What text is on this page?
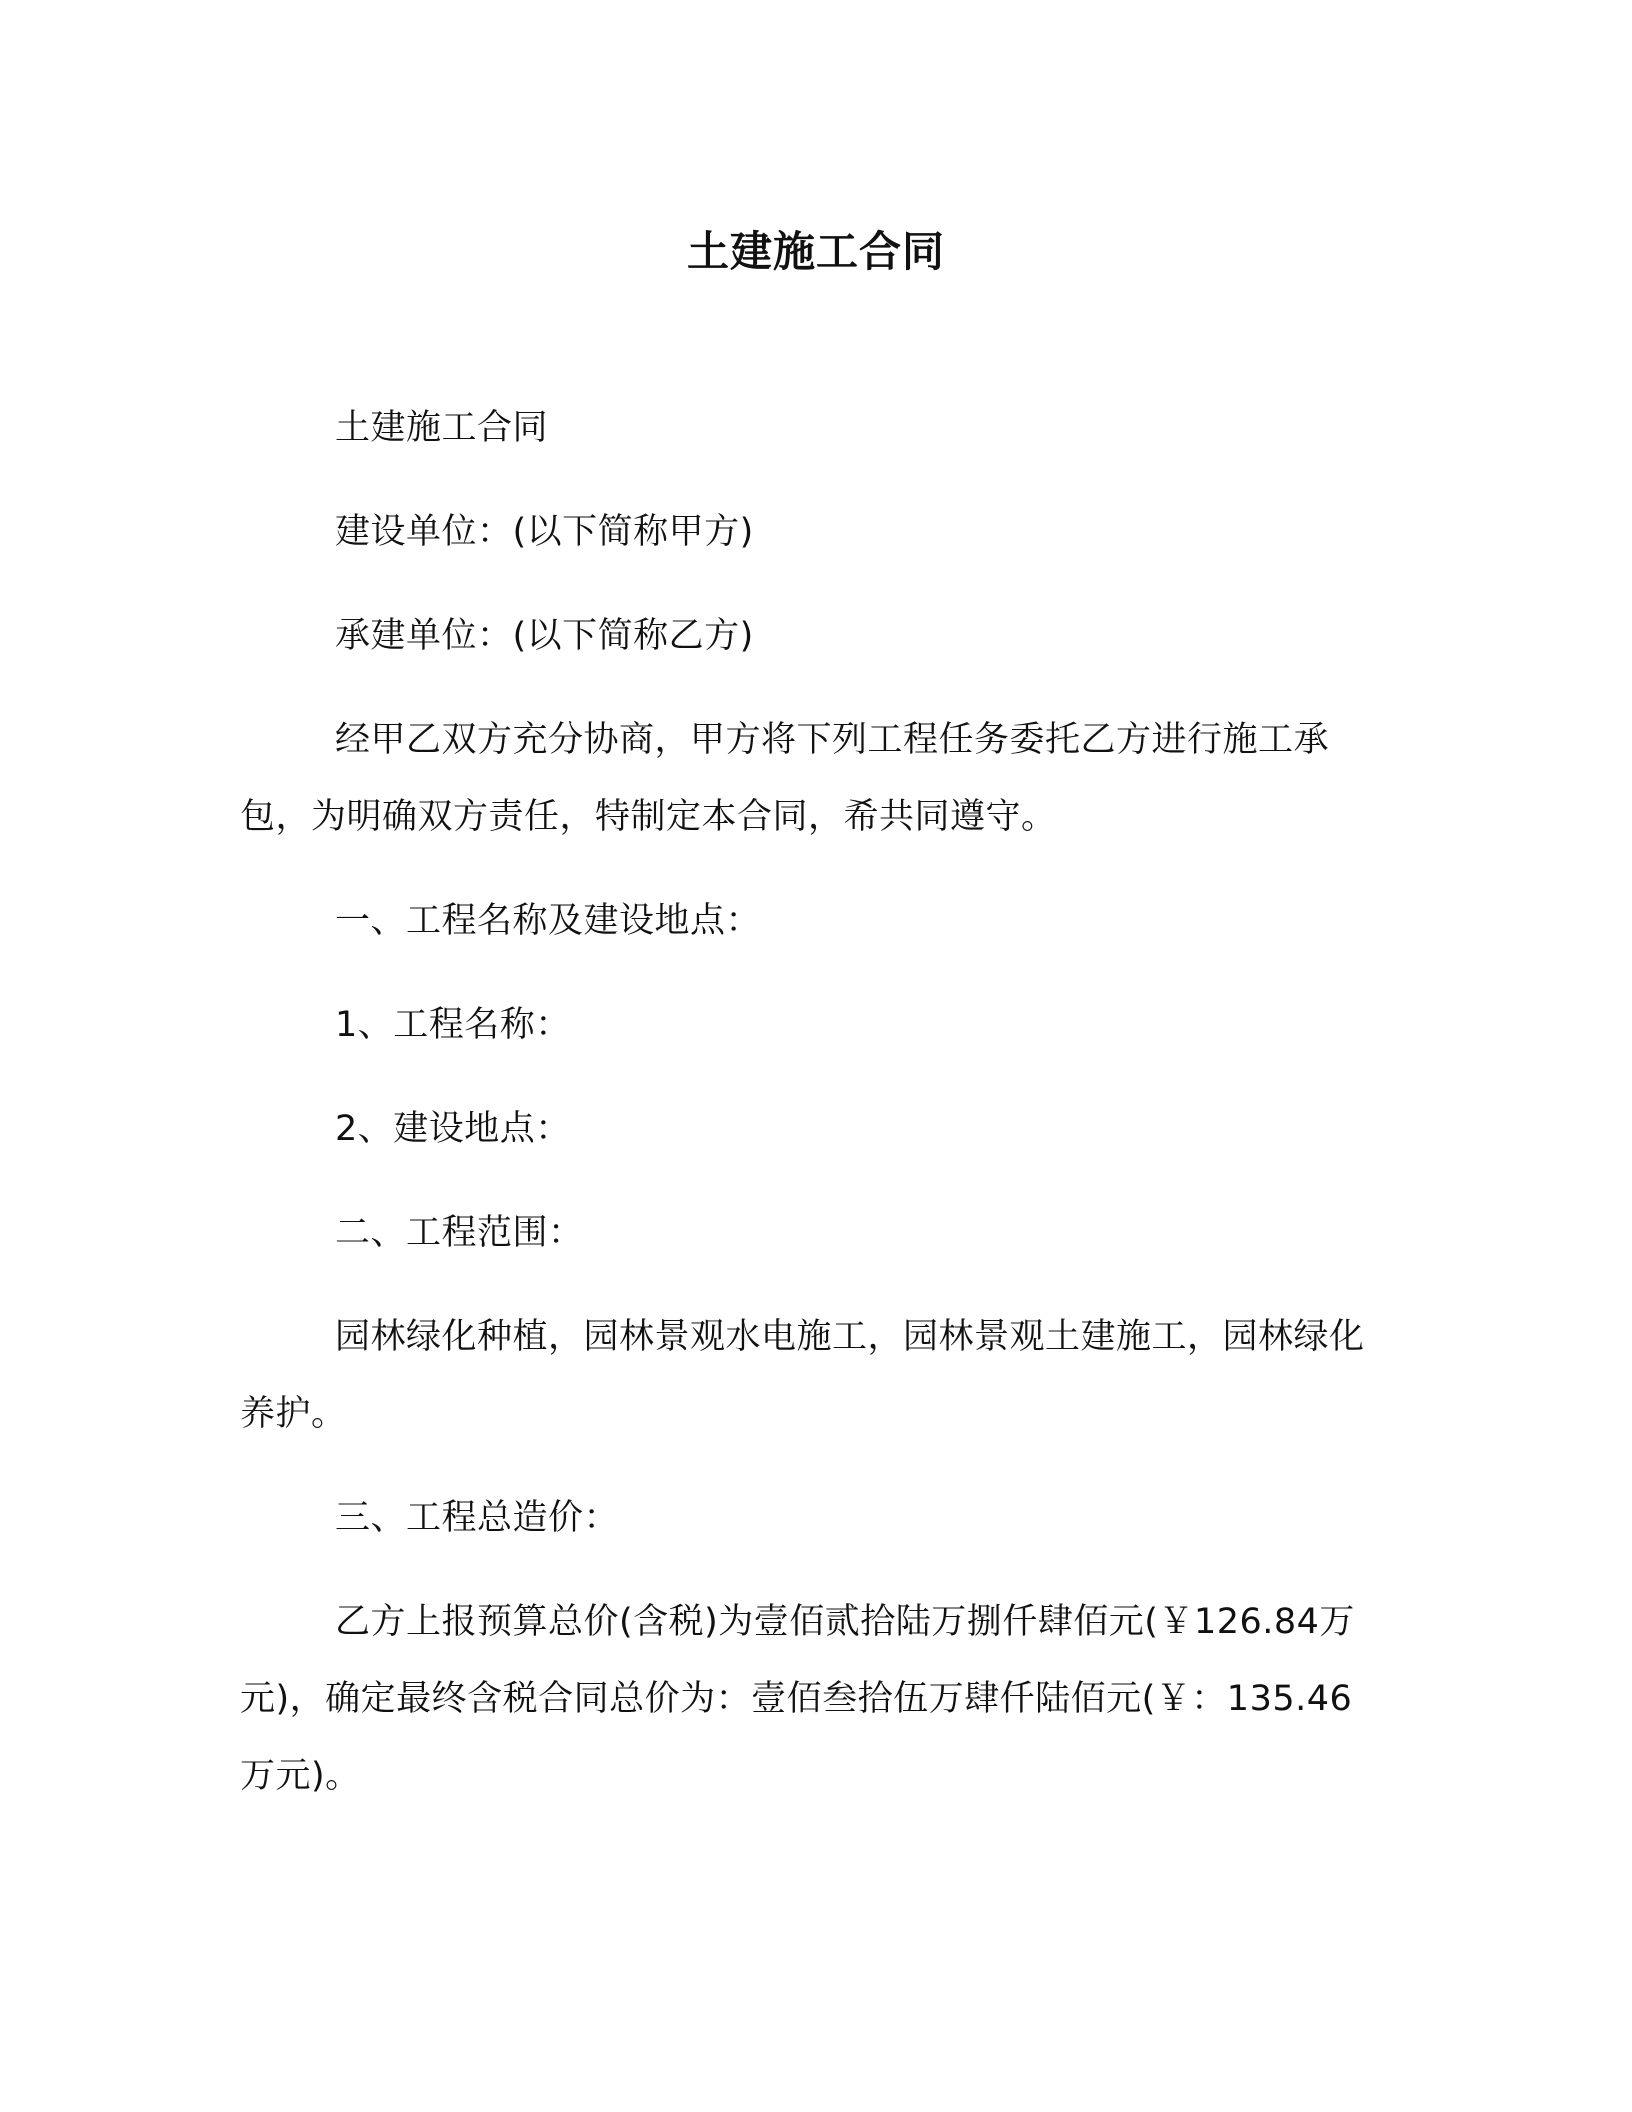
土建施工合同

土建施工合同

建设单位：(以下简称甲方)

承建单位：(以下简称乙方)

经甲乙双方充分协商，甲方将下列工程任务委托乙方进行施工承包，为明确双方责任，特制定本合同，希共同遵守。

一、工程名称及建设地点：

1、工程名称：

2、建设地点：

二、工程范围：

园林绿化种植，园林景观水电施工，园林景观土建施工，园林绿化养护。

三、工程总造价：

乙方上报预算总价(含税)为壹佰贰拾陆万捌仟肆佰元(￥126.84万元)，确定最终含税合同总价为：壹佰叁拾伍万肆仟陆佰元(￥：135.46 万元)。
